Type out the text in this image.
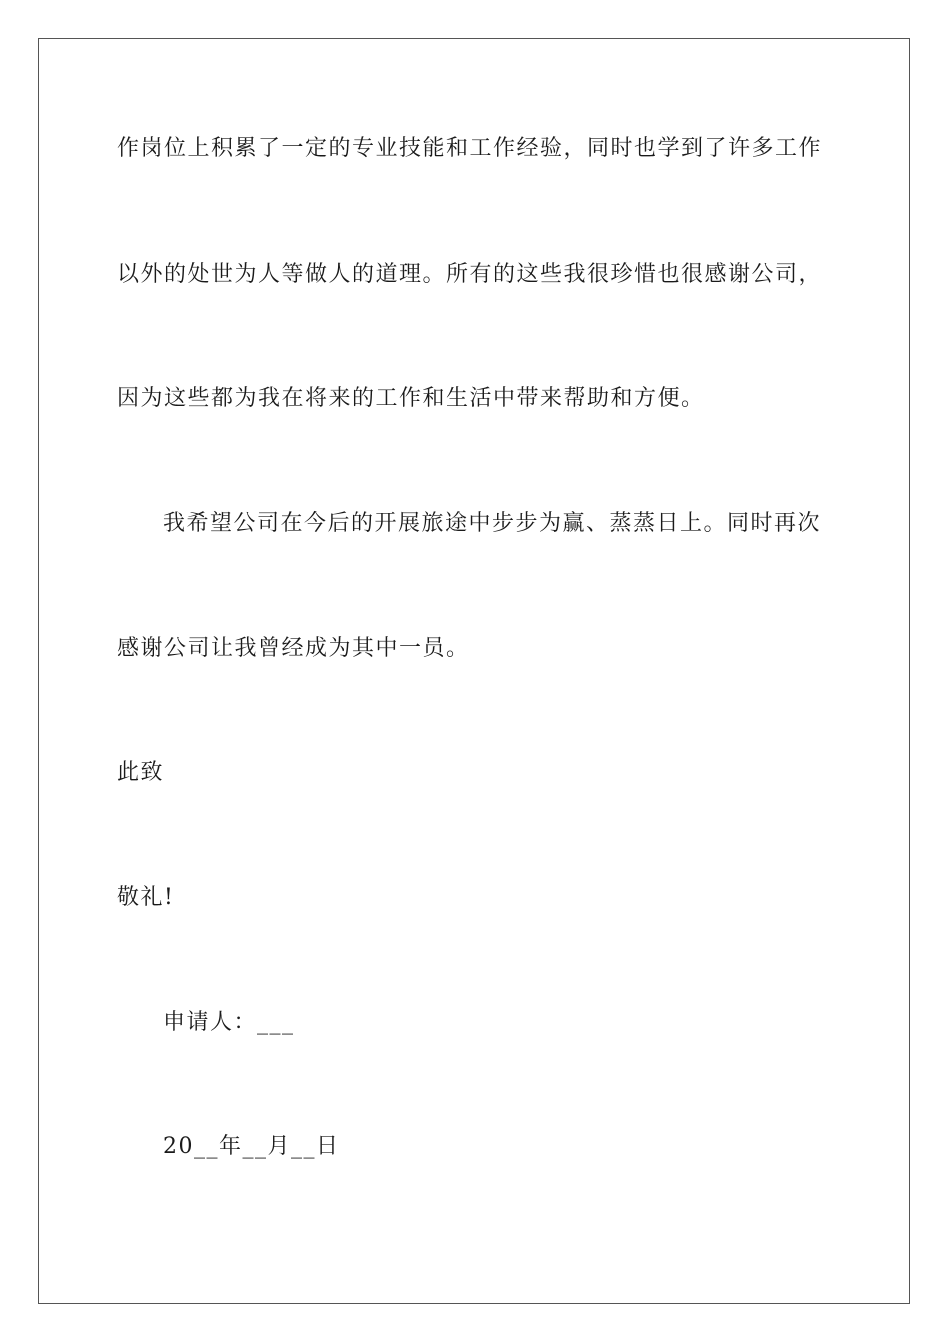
作岗位上积累了一定的专业技能和工作经验，同时也学到了许多工作
以外的处世为人等做人的道理。所有的这些我很珍惜也很感谢公司，
因为这些都为我在将来的工作和生活中带来帮助和方便。
我希望公司在今后的开展旅途中步步为赢、蒸蒸日上。同时再次
感谢公司让我曾经成为其中一员。
此致
敬礼!
申请人：___
20__年__月__日
